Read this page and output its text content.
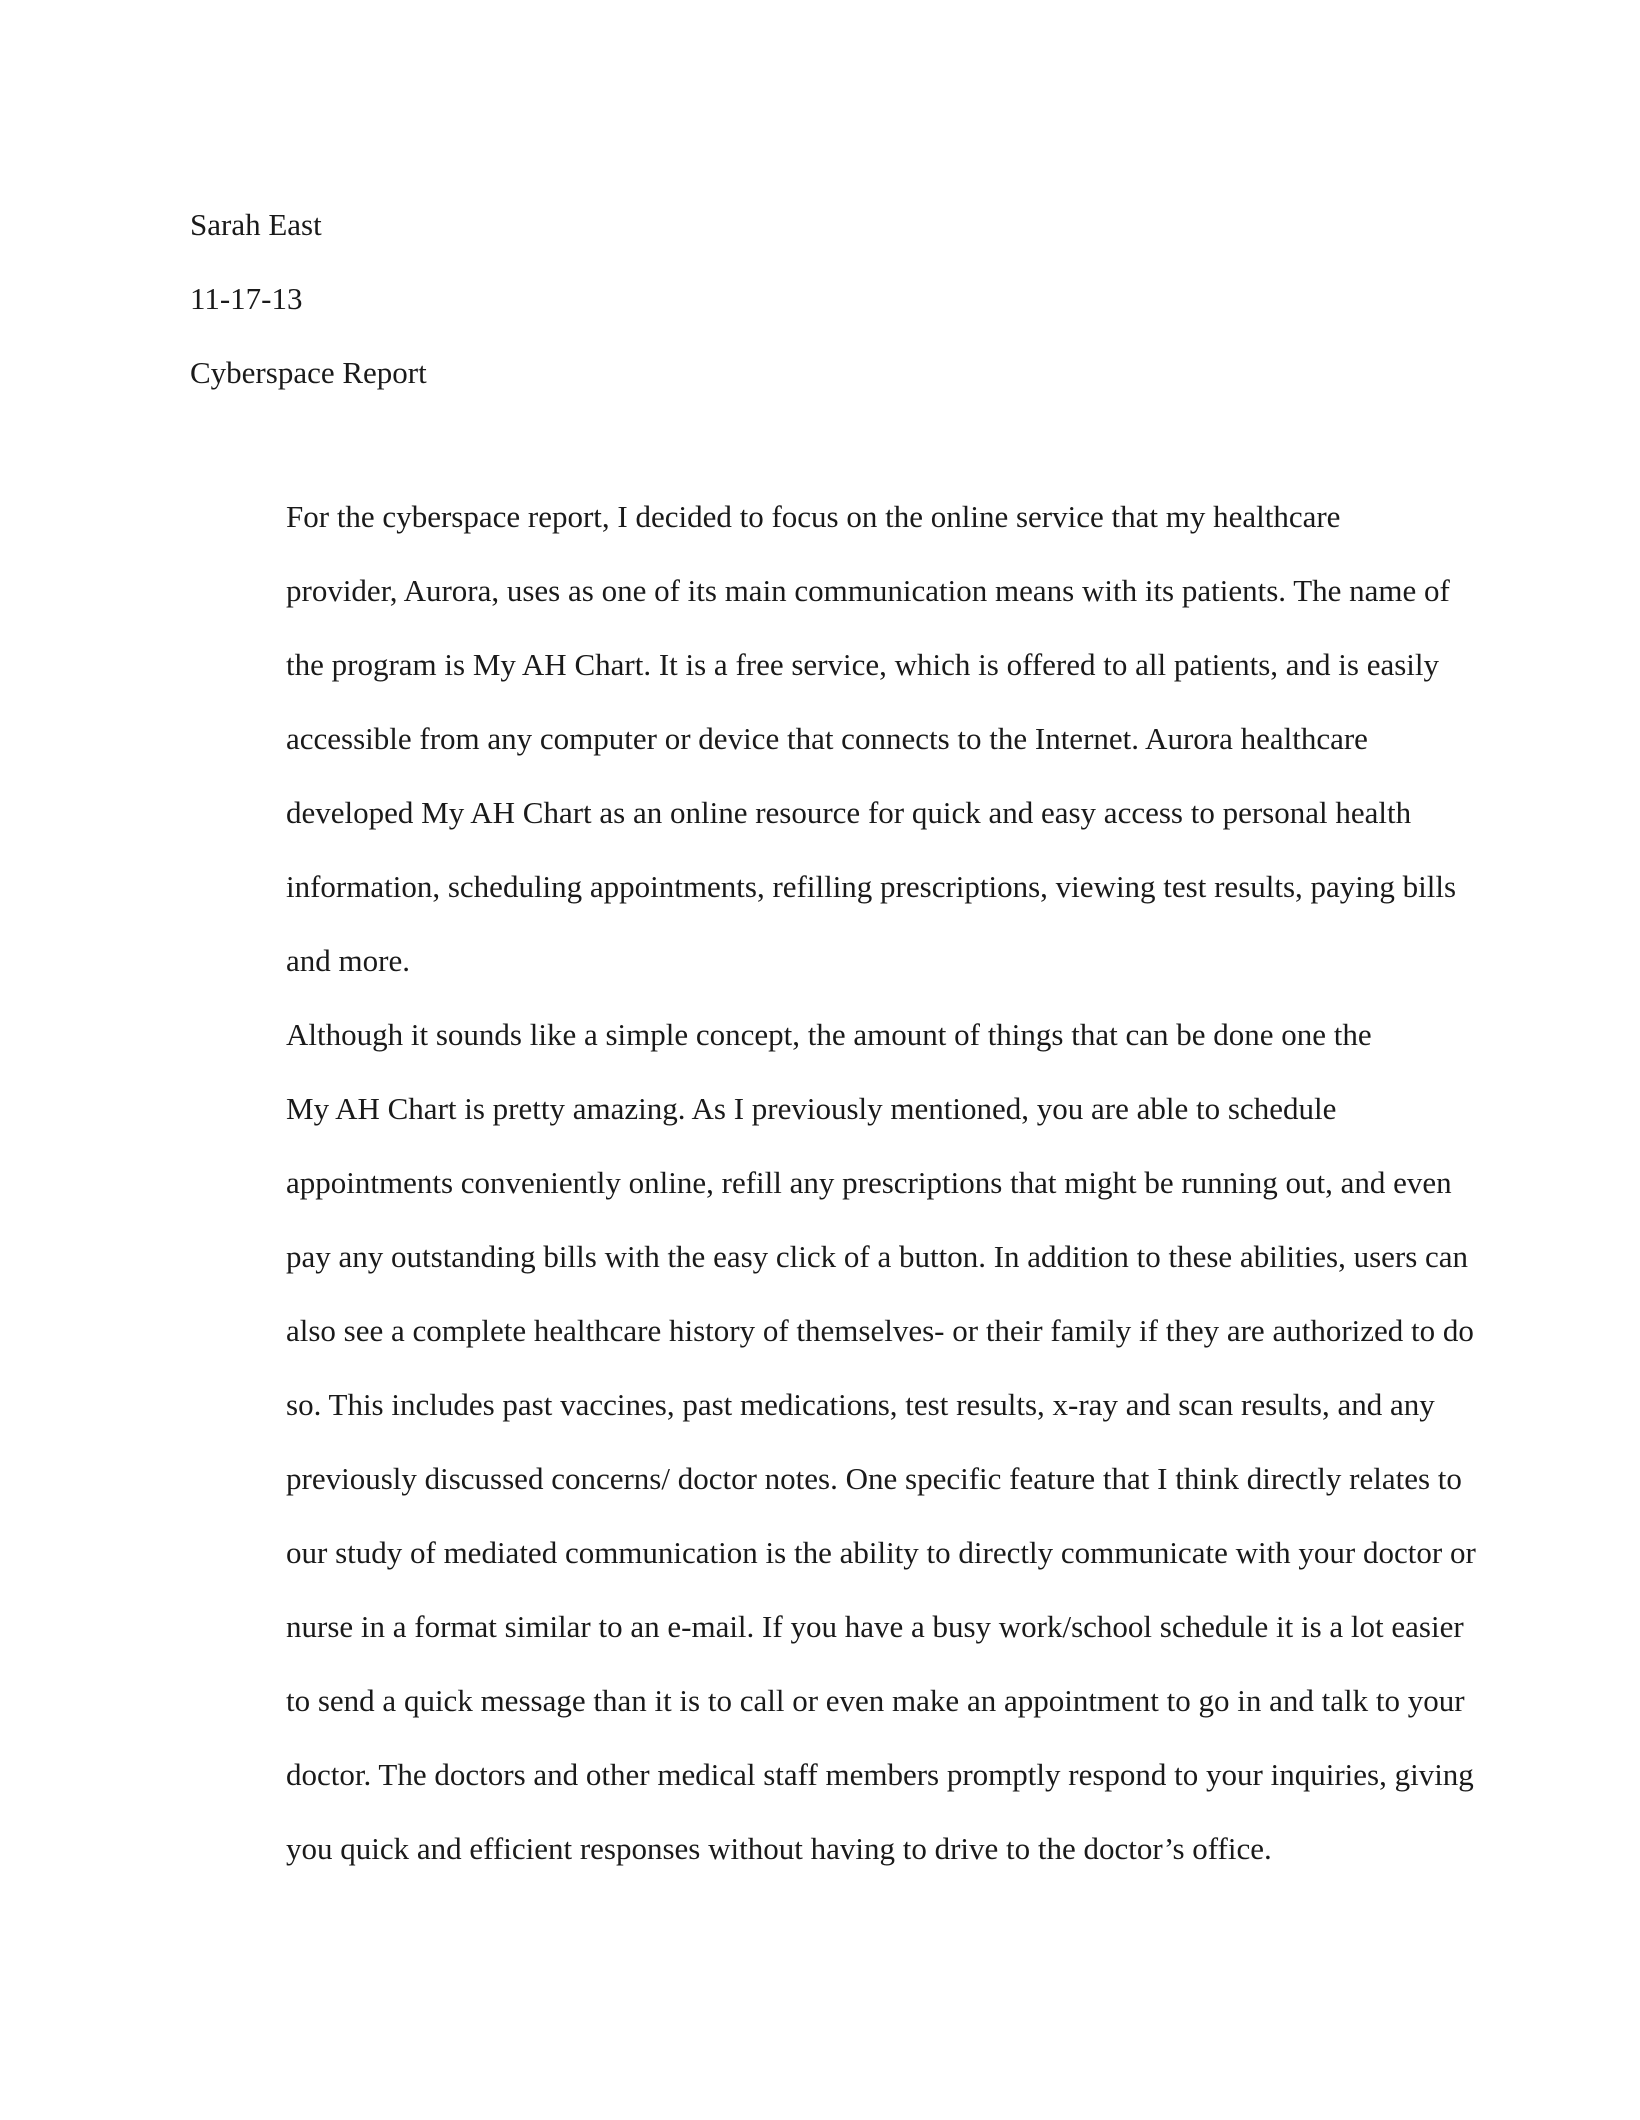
Sarah East

11-17-13

Cyberspace Report

For the cyberspace report, I decided to focus on the online service that my healthcare
provider, Aurora, uses as one of its main communication means with its patients. The name of
the program is My AH Chart. It is a free service, which is offered to all patients, and is easily
accessible from any computer or device that connects to the Internet. Aurora healthcare
developed My AH Chart as an online resource for quick and easy access to personal health
information, scheduling appointments, refilling prescriptions, viewing test results, paying bills
and more.

Although it sounds like a simple concept, the amount of things that can be done one the
My AH Chart is pretty amazing. As I previously mentioned, you are able to schedule
appointments conveniently online, refill any prescriptions that might be running out, and even
pay any outstanding bills with the easy click of a button. In addition to these abilities, users can
also see a complete healthcare history of themselves- or their family if they are authorized to do
so. This includes past vaccines, past medications, test results, x-ray and scan results, and any
previously discussed concerns/ doctor notes. One specific feature that I think directly relates to
our study of mediated communication is the ability to directly communicate with your doctor or
nurse in a format similar to an e-mail. If you have a busy work/school schedule it is a lot easier
to send a quick message than it is to call or even make an appointment to go in and talk to your
doctor. The doctors and other medical staff members promptly respond to your inquiries, giving
you quick and efficient responses without having to drive to the doctor’s office.
